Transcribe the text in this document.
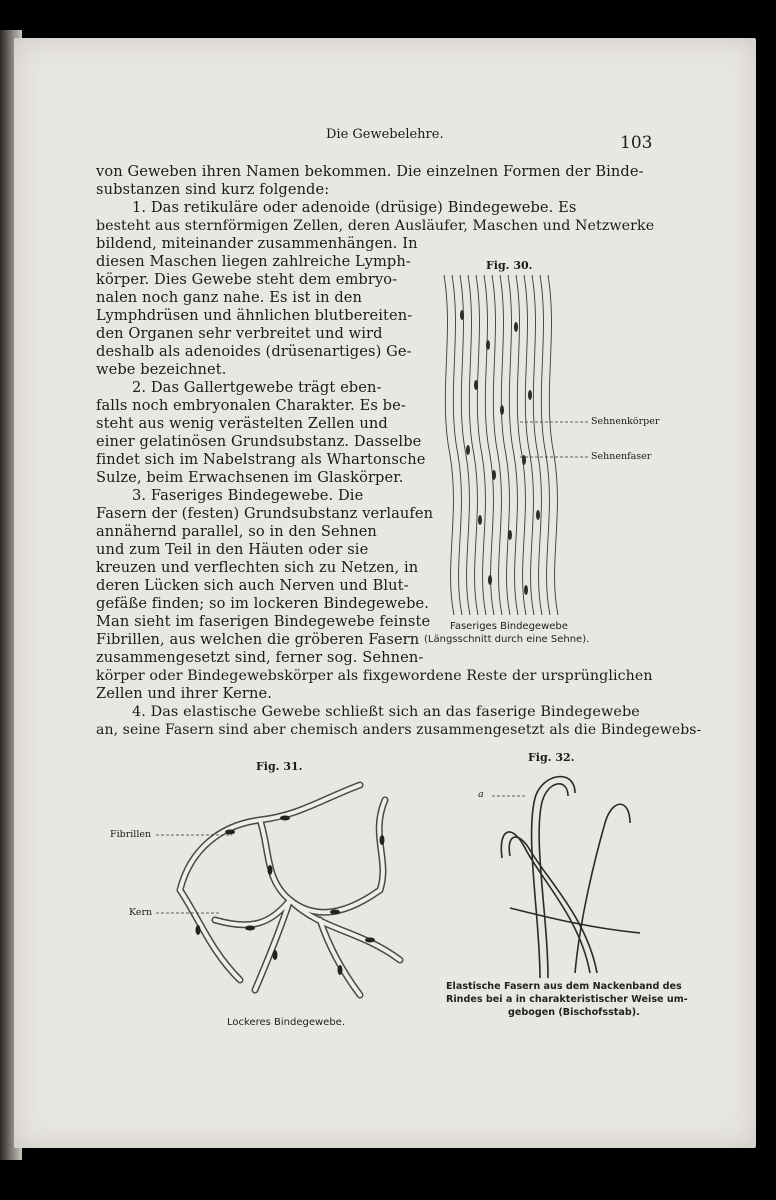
Die Gewebelehre.	103
von Geweben ihren Namen bekommen. Die einzelnen Formen der Binde-
substanzen sind kurz folgende:
1. Das retikuläre oder adenoide (drüsige) Bindegewebe. Es
besteht aus sternförmigen Zellen, deren Ausläufer, Maschen und Netzwerke
bildend, miteinander zusammenhängen. In
diesen Maschen liegen zahlreiche Lymph-
körper. Dies Gewebe steht dem embryo-
nalen noch ganz nahe. Es ist in den
Lymphdrüsen und ähnlichen blutbereiten-
den Organen sehr verbreitet und wird
deshalb als adenoides (drüsenartiges) Ge-
webe bezeichnet.
2. Das Gallertgewebe trägt eben-
falls noch embryonalen Charakter. Es be-
steht aus wenig verästelten Zellen und
einer gelatinösen Grundsubstanz. Dasselbe
findet sich im Nabelstrang als Whartonsche
Sulze, beim Erwachsenen im Glaskörper.
3. Faseriges Bindegewebe. Die
Fasern der (festen) Grundsubstanz verlaufen
annähernd parallel, so in den Sehnen
und zum Teil in den Häuten oder sie
kreuzen und verflechten sich zu Netzen, in
deren Lücken sich auch Nerven und Blut-
gefäße finden; so im lockeren Bindegewebe.
Man sieht im faserigen Bindegewebe feinste
Fibrillen, aus welchen die gröberen Fasern
zusammengesetzt sind, ferner sog. Sehnen-
körper oder Bindegewebskörper als fixgewordene Reste der ursprünglichen
Zellen und ihrer Kerne.
4. Das elastische Gewebe schließt sich an das faserige Bindegewebe
an, seine Fasern sind aber chemisch anders zusammengesetzt als die Bindegewebs-
Fig. 30.
Sehnenkörper
Sehnenfaser
Faseriges Bindegewebe
(Längsschnitt durch eine Sehne).
Fig. 31.
Fibrillen
Kern
Lockeres Bindegewebe.
Fig. 32.
a
Elastische Fasern aus dem Nackenband des
Rindes bei a in charakteristischer Weise um-
gebogen (Bischofsstab).
